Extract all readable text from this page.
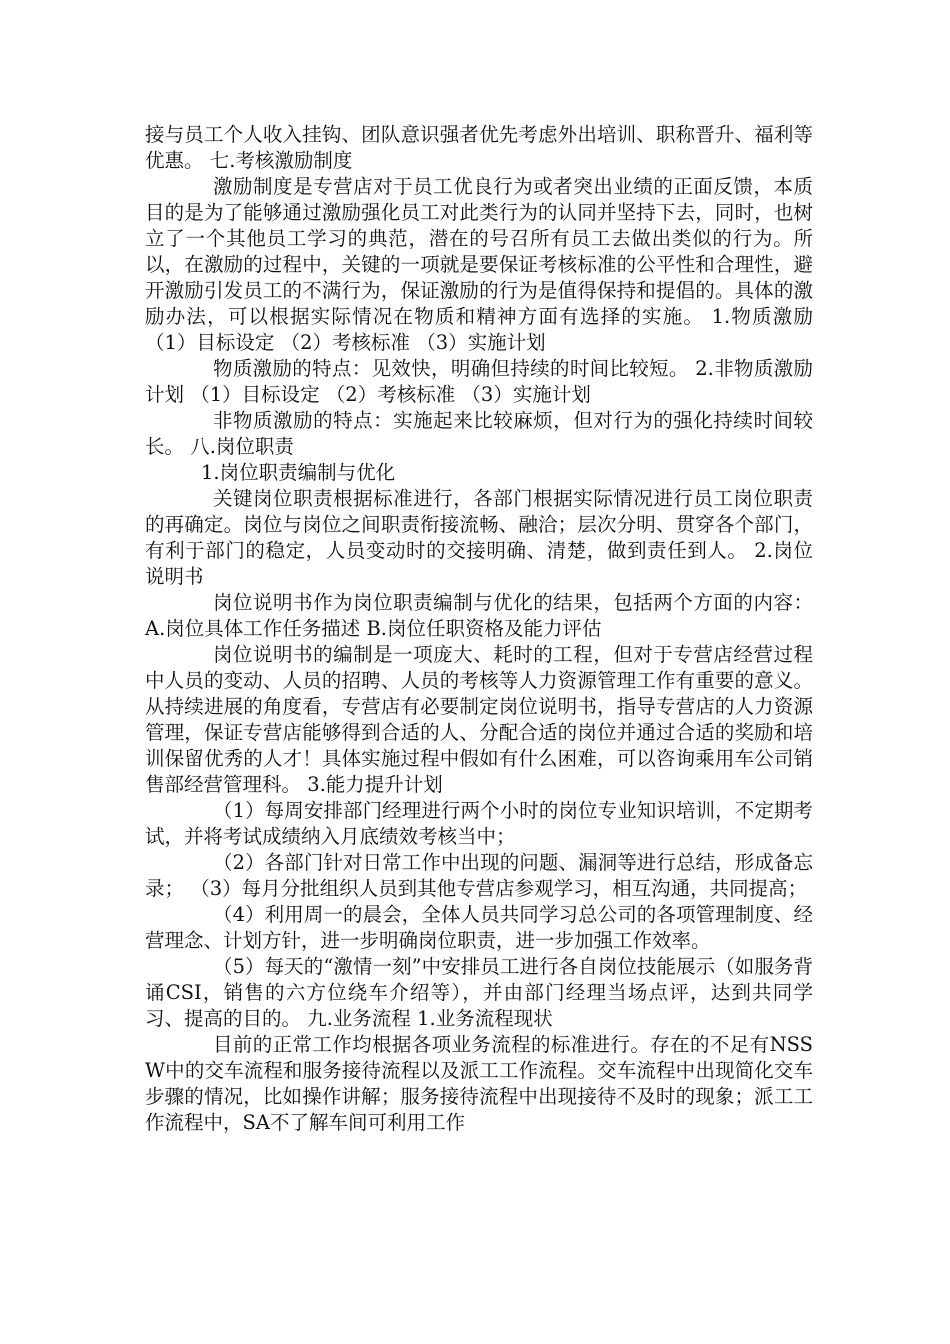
接与员工个人收入挂钩、团队意识强者优先考虑外出培训、职称晋升、福利等优惠。 七.考核激励制度

激励制度是专营店对于员工优良行为或者突出业绩的正面反馈，本质目的是为了能够通过激励强化员工对此类行为的认同并坚持下去，同时，也树立了一个其他员工学习的典范，潜在的号召所有员工去做出类似的行为。所以，在激励的过程中，关键的一项就是要保证考核标准的公平性和合理性，避开激励引发员工的不满行为，保证激励的行为是值得保持和提倡的。具体的激励办法，可以根据实际情况在物质和精神方面有选择的实施。 1.物质激励 （1）目标设定 （2）考核标准 （3）实施计划

物质激励的特点：见效快，明确但持续的时间比较短。 2.非物质激励计划 （1）目标设定 （2）考核标准 （3）实施计划

非物质激励的特点：实施起来比较麻烦，但对行为的强化持续时间较长。 八.岗位职责

1.岗位职责编制与优化

关键岗位职责根据标准进行，各部门根据实际情况进行员工岗位职责的再确定。岗位与岗位之间职责衔接流畅、融洽；层次分明、贯穿各个部门，有利于部门的稳定，人员变动时的交接明确、清楚，做到责任到人。 2.岗位说明书

岗位说明书作为岗位职责编制与优化的结果，包括两个方面的内容： A.岗位具体工作任务描述 B.岗位任职资格及能力评估

岗位说明书的编制是一项庞大、耗时的工程，但对于专营店经营过程中人员的变动、人员的招聘、人员的考核等人力资源管理工作有重要的意义。从持续进展的角度看，专营店有必要制定岗位说明书，指导专营店的人力资源管理，保证专营店能够得到合适的人、分配合适的岗位并通过合适的奖励和培训保留优秀的人才！具体实施过程中假如有什么困难，可以咨询乘用车公司销售部经营管理科。 3.能力提升计划

（1）每周安排部门经理进行两个小时的岗位专业知识培训，不定期考试，并将考试成绩纳入月底绩效考核当中；

（2）各部门针对日常工作中出现的问题、漏洞等进行总结，形成备忘录； （3）每月分批组织人员到其他专营店参观学习，相互沟通，共同提高；

（4）利用周一的晨会，全体人员共同学习总公司的各项管理制度、经营理念、计划方针，进一步明确岗位职责，进一步加强工作效率。

（5）每天的“激情一刻”中安排员工进行各自岗位技能展示（如服务背诵CSI，销售的六方位绕车介绍等），并由部门经理当场点评，达到共同学习、提高的目的。 九.业务流程 1.业务流程现状

目前的正常工作均根据各项业务流程的标准进行。存在的不足有NSSW中的交车流程和服务接待流程以及派工工作流程。交车流程中出现简化交车步骤的情况，比如操作讲解；服务接待流程中出现接待不及时的现象；派工工作流程中，SA不了解车间可利用工作
